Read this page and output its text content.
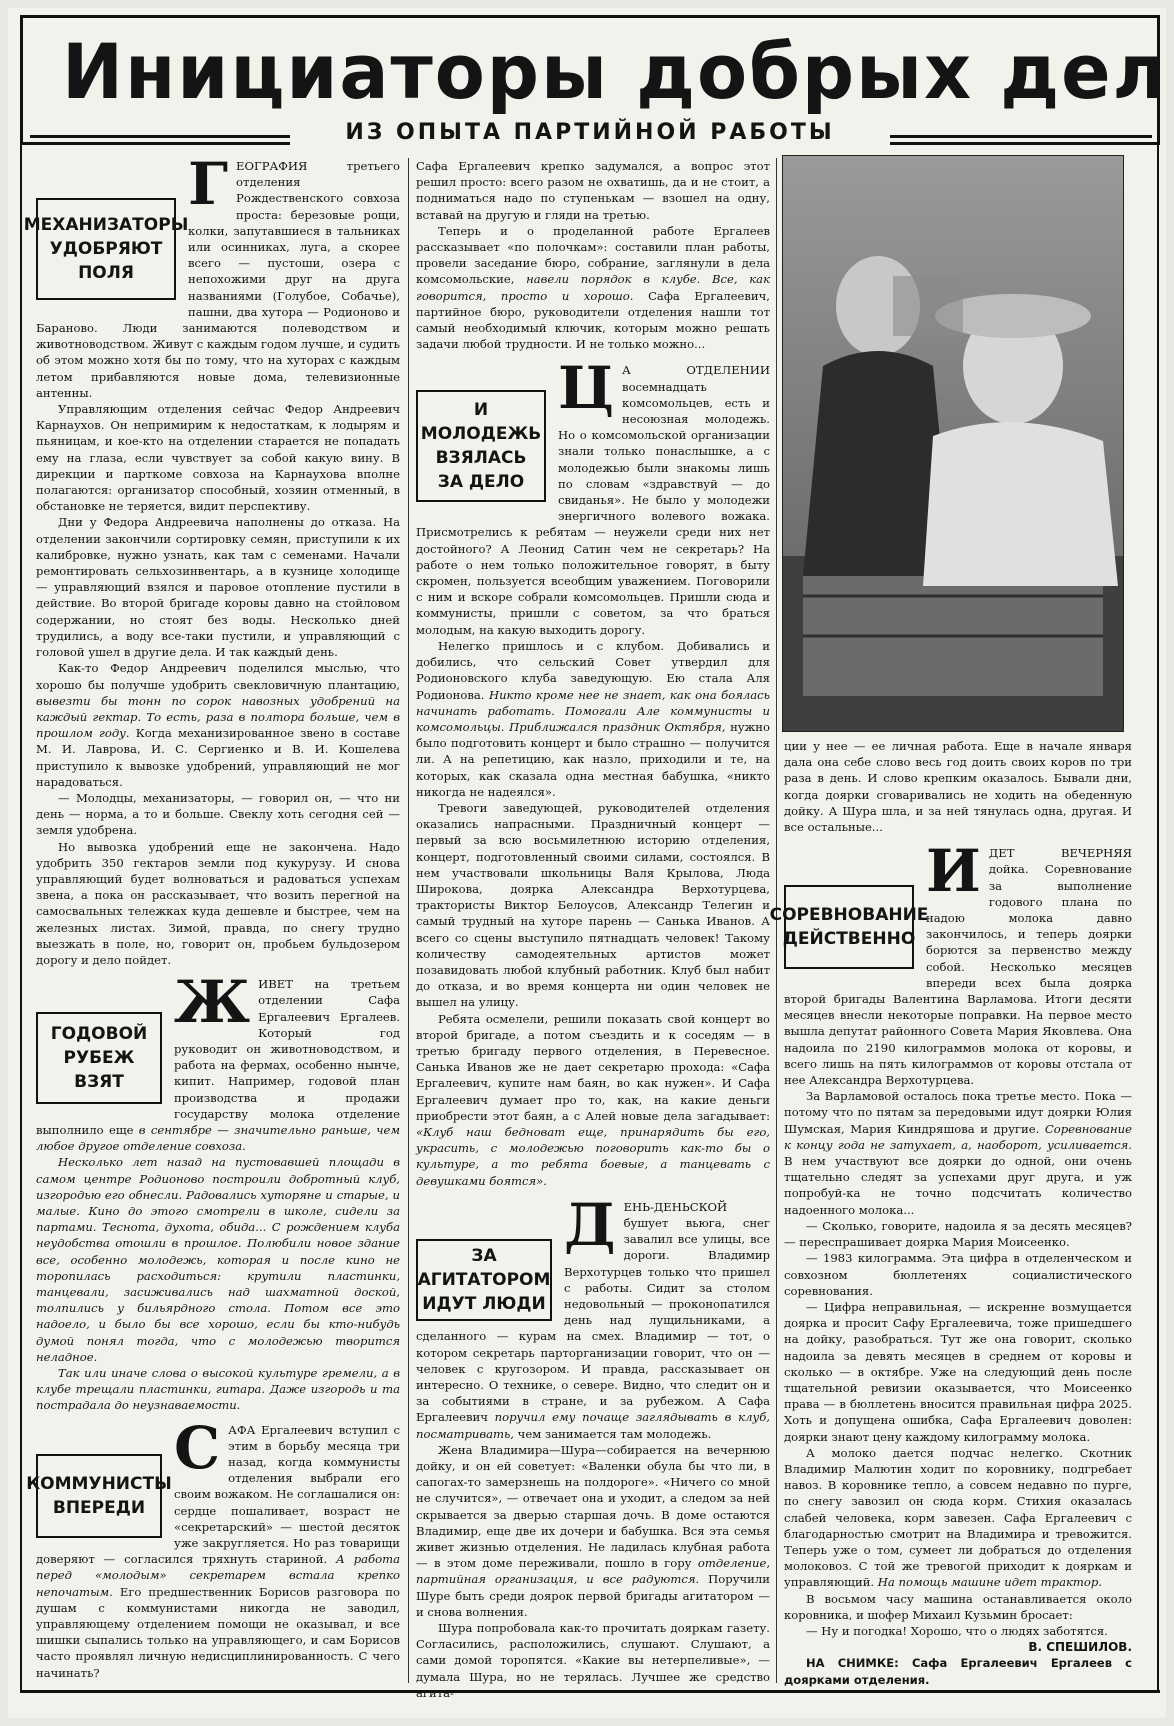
Инициаторы добрых дел
ИЗ ОПЫТА ПАРТИЙНОЙ РАБОТЫ
МЕХАНИЗАТОРЫ
УДОБРЯЮТ
ПОЛЯ
Г ЕОГРАФИЯ третьего отделения Рождественского совхоза проста: березовые рощи, колки, запутавшиеся в тальниках или осинниках, луга, а скорее всего — пустоши, озера с непохожими друг на друга названиями (Голубое, Собачье), пашни, два хутора — Родионово и Бараново. Люди занимаются полеводством и животноводством. Живут с каждым годом лучше, и судить об этом можно хотя бы по тому, что на хуторах с каждым летом прибавляются новые дома, телевизионные антенны.

Управляющим отделения сейчас Федор Андреевич Карнаухов. Он непримирим к недостаткам, к лодырям и пьяницам, и кое-кто на отделении старается не попадать ему на глаза, если чувствует за собой какую вину. В дирекции и парткоме совхоза на Карнаухова вполне полагаются: организатор способный, хозяин отменный, в обстановке не теряется, видит перспективу.

Дни у Федора Андреевича наполнены до отказа. На отделении закончили сортировку семян, приступили к их калибровке, нужно узнать, как там с семенами. Начали ремонтировать сельхозинвентарь, а в кузнице холодище — управляющий взялся и паровое отопление пустили в действие. Во второй бригаде коровы давно на стойловом содержании, но стоят без воды. Несколько дней трудились, а воду все-таки пустили, и управляющий с головой ушел в другие дела. И так каждый день.

Как-то Федор Андреевич поделился мыслью, что хорошо бы получше удобрить свекловичную плантацию, вывезти бы тонн по сорок навозных удобрений на каждый гектар. То есть, раза в полтора больше, чем в прошлом году. Когда механизированное звено в составе М. И. Лаврова, И. С. Сергиенко и В. И. Кошелева приступило к вывозке удобрений, управляющий не мог нарадоваться.

— Молодцы, механизаторы, — говорил он, — что ни день — норма, а то и больше. Свеклу хоть сегодня сей — земля удобрена.

Но вывозка удобрений еще не закончена. Надо удобрить 350 гектаров земли под кукурузу. И снова управляющий будет волноваться и радоваться успехам звена, а пока он рассказывает, что возить перегной на самосвальных тележках куда дешевле и быстрее, чем на железных листах. Зимой, правда, по снегу трудно выезжать в поле, но, говорит он, пробьем бульдозером дорогу и дело пойдет.

ГОДОВОЙ
РУБЕЖ ВЗЯТ
Ж ИВЕТ на третьем отделении Сафа Ергалеевич Ергалеев. Который год руководит он животноводством, и работа на фермах, особенно нынче, кипит. Например, годовой план производства и продажи государству молока отделение выполнило еще в сентябре — значительно раньше, чем любое другое отделение совхоза.

Несколько лет назад на пустовавшей площади в самом центре Родионово построили добротный клуб, изгородью его обнесли. Радовались хуторяне и старые, и малые. Кино до этого смотрели в школе, сидели за партами. Теснота, духота, обида... С рождением клуба неудобства отошли в прошлое. Полюбили новое здание все, особенно молодежь, которая и после кино не торопилась расходиться: крутили пластинки, танцевали, засиживались над шахматной доской, толпились у бильярдного стола. Потом все это надоело, и было бы все хорошо, если бы кто-нибудь думой понял тогда, что с молодежью творится неладное.

Так или иначе слова о высокой культуре гремели, а в клубе трещали пластинки, гитара. Даже изгородь и та пострадала до неузнаваемости.

КОММУНИСТЫ
ВПЕРЕДИ
С АФА Ергалеевич вступил с этим в борьбу месяца три назад, когда коммунисты отделения выбрали его своим вожаком. Не соглашалися он: сердце пошаливает, возраст не «секретарский» — шестой десяток уже закругляется. Но раз товарищи доверяют — согласился тряхнуть стариной. А работа перед «молодым» секретарем встала крепко непочатым. Его предшественник Борисов разговора по душам с коммунистами никогда не заводил, управляющему отделением помощи не оказывал, и все шишки сыпались только на управляющего, и сам Борисов часто проявлял личную недисциплинированность. С чего начинать?

Сафа Ергалеевич крепко задумался, а вопрос этот решил просто: всего разом не охватишь, да и не стоит, а подниматься надо по ступенькам — взошел на одну, вставай на другую и гляди на третью.

Теперь и о проделанной работе Ергалеев рассказывает «по полочкам»: составили план работы, провели заседание бюро, собрание, заглянули в дела комсомольские, навели порядок в клубе. Все, как говорится, просто и хорошо. Сафа Ергалеевич, партийное бюро, руководители отделения нашли тот самый необходимый ключик, которым можно решать задачи любой трудности. И не только можно...

И МОЛОДЕЖЬ
ВЗЯЛАСЬ
ЗА ДЕЛО
Ц А ОТДЕЛЕНИИ восемнадцать комсомольцев, есть и несоюзная молодежь. Но о комсомольской организации знали только понаслышке, а с молодежью были знакомы лишь по словам «здравствуй — до свиданья». Не было у молодежи энергичного волевого вожака. Присмотрелись к ребятам — неужели среди них нет достойного? А Леонид Сатин чем не секретарь? На работе о нем только положительное говорят, в быту скромен, пользуется всеобщим уважением. Поговорили с ним и вскоре собрали комсомольцев. Пришли сюда и коммунисты, пришли с советом, за что браться молодым, на какую выходить дорогу.

Нелегко пришлось и с клубом. Добивались и добились, что сельский Совет утвердил для Родионовского клуба заведующую. Ею стала Аля Родионова. Никто кроме нее не знает, как она боялась начинать работать. Помогали Але коммунисты и комсомольцы. Приближался праздник Октября, нужно было подготовить концерт и было страшно — получится ли. А на репетицию, как назло, приходили и те, на которых, как сказала одна местная бабушка, «никто никогда не надеялся».

Тревоги заведующей, руководителей отделения оказались напрасными. Праздничный концерт — первый за всю восьмилетнюю историю отделения, концерт, подготовленный своими силами, состоялся. В нем участвовали школьницы Валя Крылова, Люда Широкова, доярка Александра Верхотурцева, трактористы Виктор Белоусов, Александр Телегин и самый трудный на хуторе парень — Санька Иванов. А всего со сцены выступило пятнадцать человек! Такому количеству самодеятельных артистов может позавидовать любой клубный работник. Клуб был набит до отказа, и во время концерта ни один человек не вышел на улицу.

Ребята осмелели, решили показать свой концерт во второй бригаде, а потом съездить и к соседям — в третью бригаду первого отделения, в Перевесное. Санька Иванов же не дает секретарю прохода: «Сафа Ергалеевич, купите нам баян, во как нужен». И Сафа Ергалеевич думает про то, как, на какие деньги приобрести этот баян, а с Алей новые дела загадывает: «Клуб наш бедноват еще, принарядить бы его, украсить, с молодежью поговорить как-то бы о культуре, а то ребята боевые, а танцевать с девушками боятся».

ЗА АГИТАТОРОМ
ИДУТ ЛЮДИ
Д ЕНЬ-ДЕНЬСКОЙ бушует вьюга, снег завалил все улицы, все дороги. Владимир Верхотурцев только что пришел с работы. Сидит за столом недовольный — проконопатился день над лущильниками, а сделанного — курам на смех. Владимир — тот, о котором секретарь парторганизации говорит, что он — человек с кругозором. И правда, рассказывает он интересно. О технике, о севере. Видно, что следит он и за событиями в стране, и за рубежом. А Сафа Ергалеевич поручил ему почаще заглядывать в клуб, посматривать, чем занимается там молодежь.

Жена Владимира—Шура—собирается на вечернюю дойку, и он ей советует: «Валенки обула бы что ли, в сапогах-то замерзнешь на полдороге». «Ничего со мной не случится», — отвечает она и уходит, а следом за ней скрывается за дверью старшая дочь. В доме остаются Владимир, еще две их дочери и бабушка. Вся эта семья живет жизнью отделения. Не ладилась клубная работа — в этом доме переживали, пошло в гору отделение, партийная организация, и все радуются. Поручили Шуре быть среди доярок первой бригады агитатором — и снова волнения.

Шура попробовала как-то прочитать дояркам газету. Согласились, расположились, слушают. Слушают, а сами домой торопятся. «Какие вы нетерпеливые», — думала Шура, но не терялась. Лучшее же средство агита-

ции у нее — ее личная работа. Еще в начале января дала она себе слово весь год доить своих коров по три раза в день. И слово крепким оказалось. Бывали дни, когда доярки сговаривались не ходить на обеденную дойку. А Шура шла, и за ней тянулась одна, другая. И все остальные...

СОРЕВНОВАНИЕ
ДЕЙСТВЕННО
И ДЕТ ВЕЧЕРНЯЯ дойка. Соревнование за выполнение годового плана по надою молока давно закончилось, и теперь доярки борются за первенство между собой. Несколько месяцев впереди всех была доярка второй бригады Валентина Варламова. Итоги десяти месяцев внесли некоторые поправки. На первое место вышла депутат районного Совета Мария Яковлева. Она надоила по 2190 килограммов молока от коровы, и всего лишь на пять килограммов от коровы отстала от нее Александра Верхотурцева.

За Варламовой осталось пока третье место. Пока — потому что по пятам за передовыми идут доярки Юлия Шумская, Мария Киндряшова и другие. Соревнование к концу года не затухает, а, наоборот, усиливается. В нем участвуют все доярки до одной, они очень тщательно следят за успехами друг друга, и уж попробуй-ка не точно подсчитать количество надоенного молока...

— Сколько, говорите, надоила я за десять месяцев? — переспрашивает доярка Мария Моисеенко.

— 1983 килограмма. Эта цифра в отделенческом и совхозном бюллетенях социалистического соревнования.

— Цифра неправильная, — искренне возмущается доярка и просит Сафу Ергалеевича, тоже пришедшего на дойку, разобраться. Тут же она говорит, сколько надоила за девять месяцев в среднем от коровы и сколько — в октябре. Уже на следующий день после тщательной ревизии оказывается, что Моисеенко права — в бюллетень вносится правильная цифра 2025. Хоть и допущена ошибка, Сафа Ергалеевич доволен: доярки знают цену каждому килограмму молока.

А молоко дается подчас нелегко. Скотник Владимир Малютин ходит по коровнику, подгребает навоз. В коровнике тепло, а совсем недавно по пурге, по снегу завозил он сюда корм. Стихия оказалась слабей человека, корм завезен. Сафа Ергалеевич с благодарностью смотрит на Владимира и тревожится. Теперь уже о том, сумеет ли добраться до отделения молоковоз. С той же тревогой приходит к дояркам и управляющий. На помощь машине идет трактор.

В восьмом часу машина останавливается около коровника, и шофер Михаил Кузьмин бросает:

— Ну и погодка! Хорошо, что о людях заботятся.

В. СПЕШИЛОВ.

НА СНИМКЕ: Сафа Ергалеевич Ергалеев с доярками отделения.
